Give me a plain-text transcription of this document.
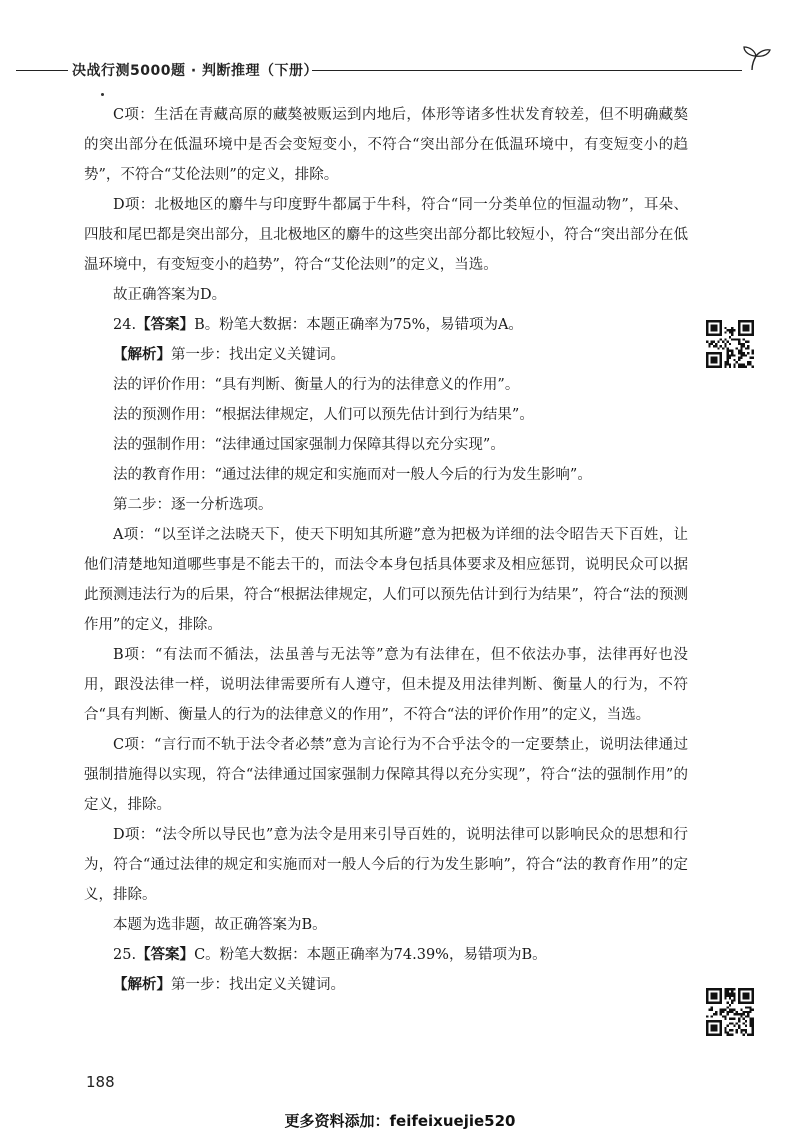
决战行测5000题 · 判断推理（下册）

C项：生活在青藏高原的藏獒被贩运到内地后，体形等诸多性状发育较差，但不明确藏獒的突出部分在低温环境中是否会变短变小，不符合“突出部分在低温环境中，有变短变小的趋势”，不符合“艾伦法则”的定义，排除。

D项：北极地区的麝牛与印度野牛都属于牛科，符合“同一分类单位的恒温动物”，耳朵、四肢和尾巴都是突出部分，且北极地区的麝牛的这些突出部分都比较短小，符合“突出部分在低温环境中，有变短变小的趋势”，符合“艾伦法则”的定义，当选。

故正确答案为D。

24.【答案】B。粉笔大数据：本题正确率为75%，易错项为A。

【解析】第一步：找出定义关键词。

法的评价作用：“具有判断、衡量人的行为的法律意义的作用”。

法的预测作用：“根据法律规定，人们可以预先估计到行为结果”。

法的强制作用：“法律通过国家强制力保障其得以充分实现”。

法的教育作用：“通过法律的规定和实施而对一般人今后的行为发生影响”。

第二步：逐一分析选项。

A项：“以至详之法晓天下，使天下明知其所避”意为把极为详细的法令昭告天下百姓，让他们清楚地知道哪些事是不能去干的，而法令本身包括具体要求及相应惩罚，说明民众可以据此预测违法行为的后果，符合“根据法律规定，人们可以预先估计到行为结果”，符合“法的预测作用”的定义，排除。

B项：“有法而不循法，法虽善与无法等”意为有法律在，但不依法办事，法律再好也没用，跟没法律一样，说明法律需要所有人遵守，但未提及用法律判断、衡量人的行为，不符合“具有判断、衡量人的行为的法律意义的作用”，不符合“法的评价作用”的定义，当选。

C项：“言行而不轨于法令者必禁”意为言论行为不合乎法令的一定要禁止，说明法律通过强制措施得以实现，符合“法律通过国家强制力保障其得以充分实现”，符合“法的强制作用”的定义，排除。

D项：“法令所以导民也”意为法令是用来引导百姓的，说明法律可以影响民众的思想和行为，符合“通过法律的规定和实施而对一般人今后的行为发生影响”，符合“法的教育作用”的定义，排除。

本题为选非题，故正确答案为B。

25.【答案】C。粉笔大数据：本题正确率为74.39%，易错项为B。

【解析】第一步：找出定义关键词。

188
更多资料添加：feifeixuejie520
